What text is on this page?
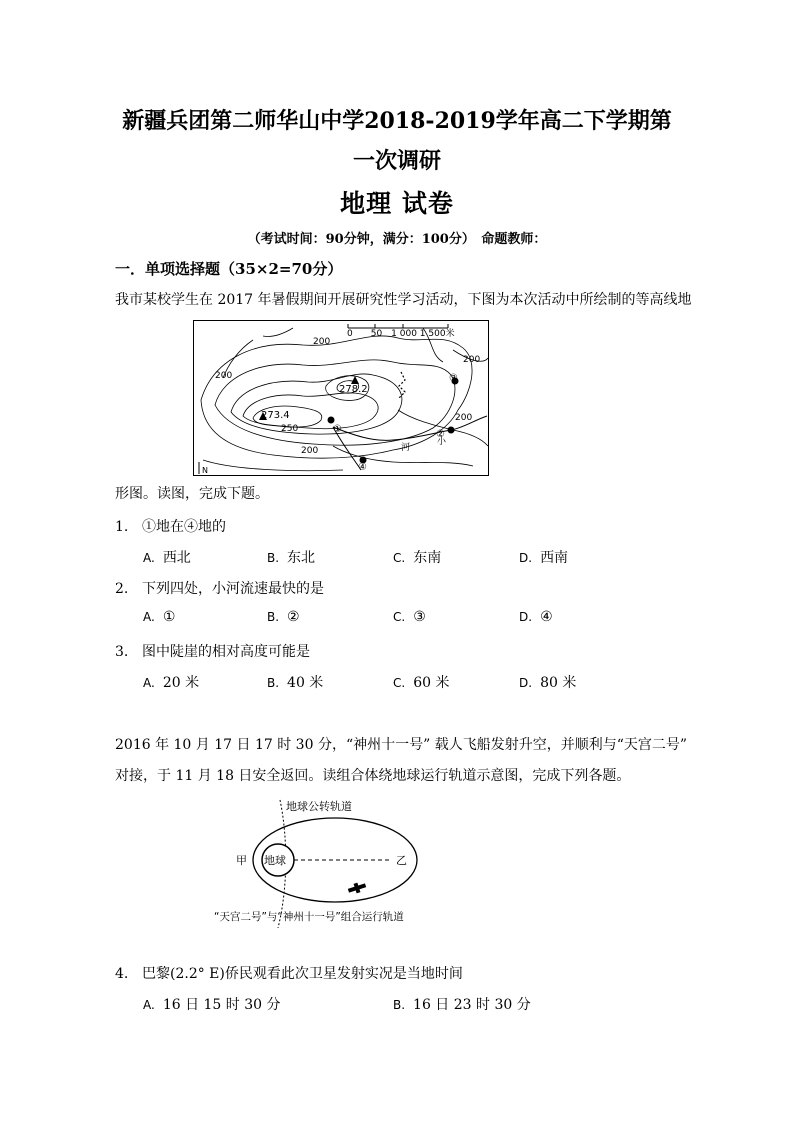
新疆兵团第二师华山中学2018-2019学年高二下学期第
一次调研
地理 试卷
（考试时间：90分钟，满分：100分）　命题教师：
一．单项选择题（35×2=70分）
我市某校学生在 2017 年暑假期间开展研究性学习活动，下图为本次活动中所绘制的等高线地
0　　50　1 000 1 500米
278.2
273.4
200
200
200
200
200
250	①	②
③
④
小
河
N
形图。读图，完成下题。
1. ①地在④地的
A. 西北	B. 东北	C. 东南	D. 西南
2. 下列四处，小河流速最快的是
A. ①	B. ②	C. ③	D. ④
3. 图中陡崖的相对高度可能是
A. 20 米	B. 40 米	C. 60 米	D. 80 米
2016 年 10 月 17 日 17 时 30 分，“神州十一号” 载人飞船发射升空，并顺利与“天宫二号”
对接，于 11 月 18 日安全返回。读组合体绕地球运行轨道示意图，完成下列各题。
地球公转轨道
地球
甲	乙
“天宫二号”与“神州十一号”组合运行轨道
4. 巴黎(2.2° E)侨民观看此次卫星发射实况是当地时间
A. 16 日 15 时 30 分	B. 16 日 23 时 30 分
